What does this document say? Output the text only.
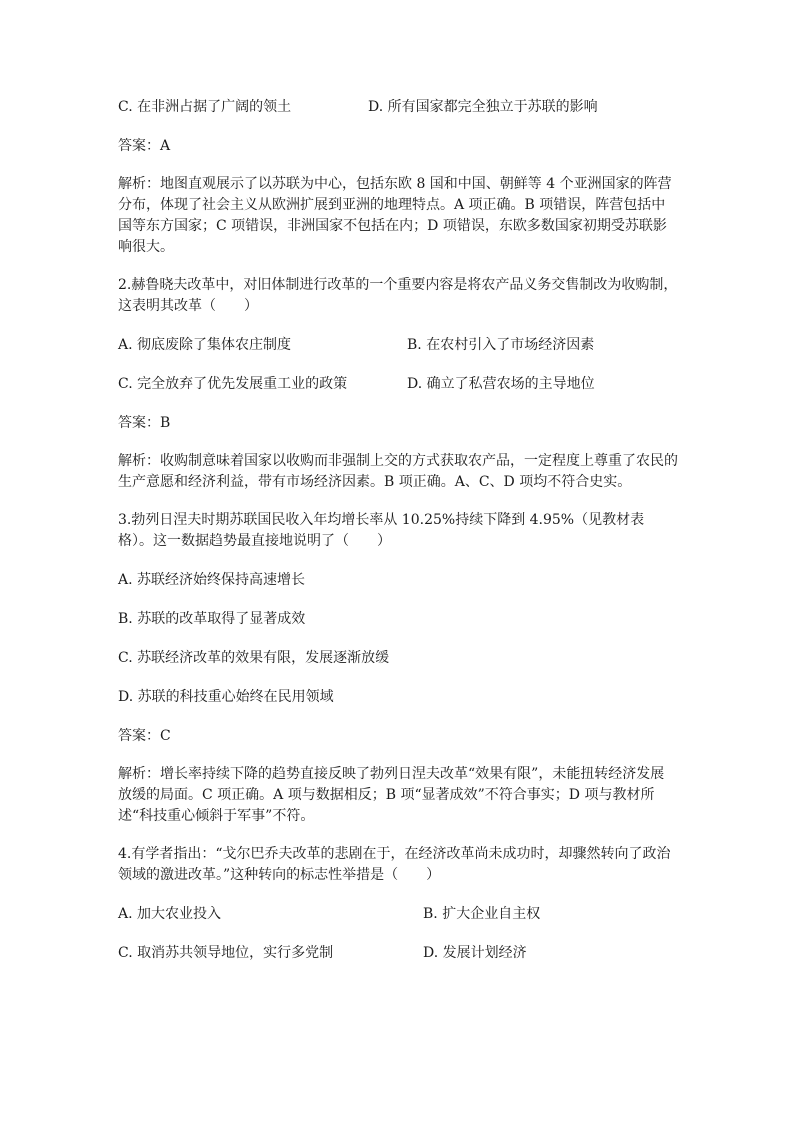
C. 在非洲占据了广阔的领土	D. 所有国家都完全独立于苏联的影响

答案：A

解析：地图直观展示了以苏联为中心，包括东欧 8 国和中国、朝鲜等 4 个亚洲国家的阵营分布，体现了社会主义从欧洲扩展到亚洲的地理特点。A 项正确。B 项错误，阵营包括中国等东方国家；C 项错误，非洲国家不包括在内；D 项错误，东欧多数国家初期受苏联影响很大。

2.赫鲁晓夫改革中，对旧体制进行改革的一个重要内容是将农产品义务交售制改为收购制，这表明其改革（　　）

A. 彻底废除了集体农庄制度	B. 在农村引入了市场经济因素
C. 完全放弃了优先发展重工业的政策	D. 确立了私营农场的主导地位

答案：B

解析：收购制意味着国家以收购而非强制上交的方式获取农产品，一定程度上尊重了农民的生产意愿和经济利益，带有市场经济因素。B 项正确。A、C、D 项均不符合史实。

3.勃列日涅夫时期苏联国民收入年均增长率从 10.25%持续下降到 4.95%（见教材表格）。这一数据趋势最直接地说明了（　　）

A. 苏联经济始终保持高速增长

B. 苏联的改革取得了显著成效

C. 苏联经济改革的效果有限，发展逐渐放缓

D. 苏联的科技重心始终在民用领域

答案：C

解析：增长率持续下降的趋势直接反映了勃列日涅夫改革“效果有限”，未能扭转经济发展放缓的局面。C 项正确。A 项与数据相反；B 项“显著成效”不符合事实；D 项与教材所述“科技重心倾斜于军事”不符。

4.有学者指出：“戈尔巴乔夫改革的悲剧在于，在经济改革尚未成功时，却骤然转向了政治领域的激进改革。”这种转向的标志性举措是（　　）

A. 加大农业投入	B. 扩大企业自主权
C. 取消苏共领导地位，实行多党制	D. 发展计划经济
